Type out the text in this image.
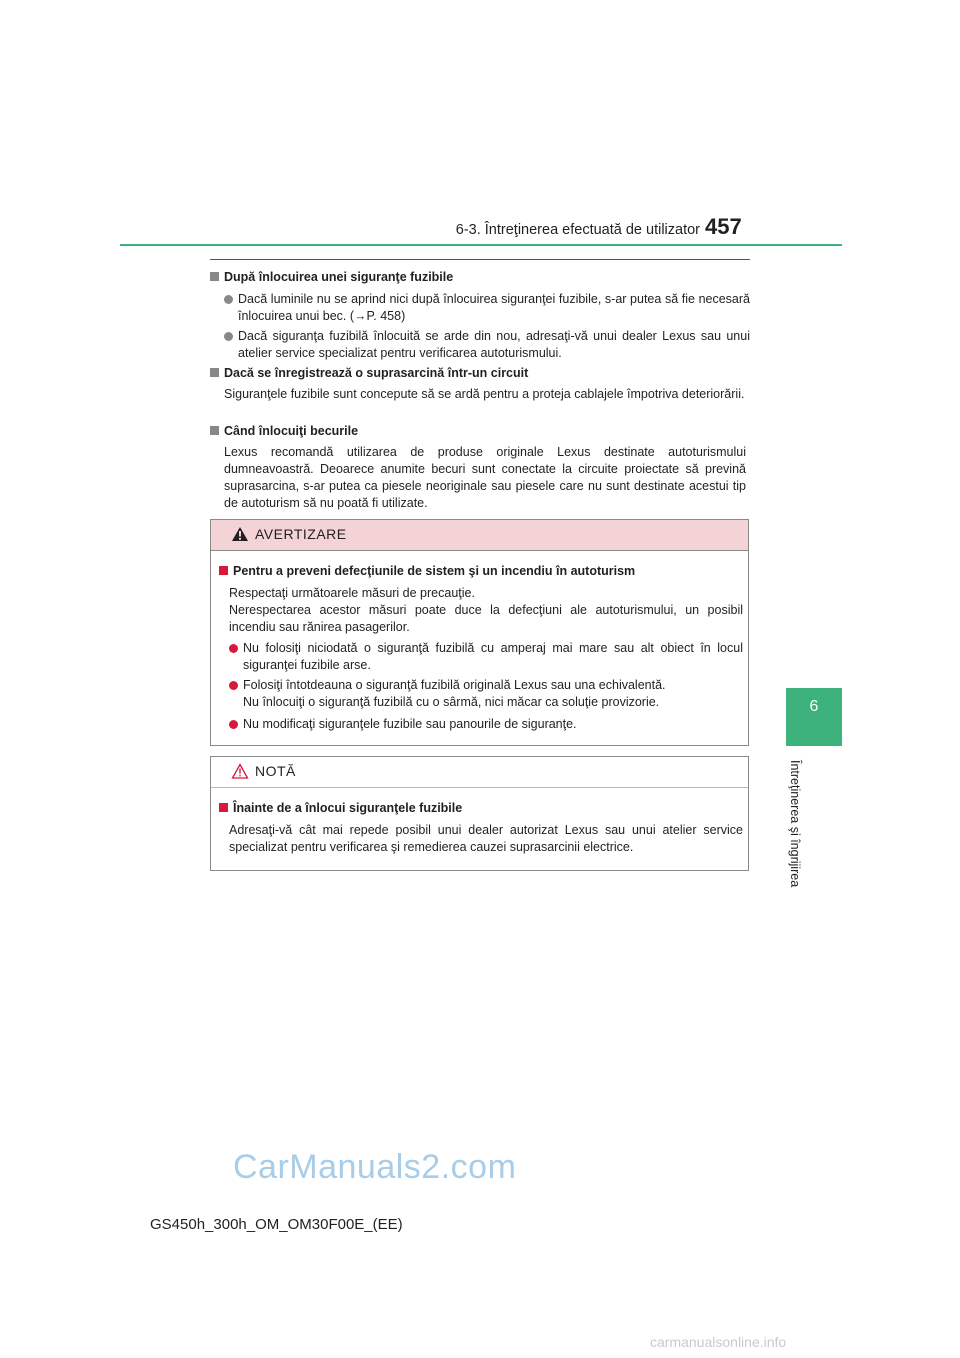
6-3. Întreţinerea efectuată de utilizator 457
6
Întreţinerea şi îngrijirea
După înlocuirea unei siguranţe fuzibile
Dacă luminile nu se aprind nici după înlocuirea siguranţei fuzibile, s-ar putea să fie necesară înlocuirea unui bec. (→P. 458)
Dacă siguranţa fuzibilă înlocuită se arde din nou, adresaţi-vă unui dealer Lexus sau unui atelier service specializat pentru verificarea autoturismului.
Dacă se înregistrează o suprasarcină într-un circuit
Siguranţele fuzibile sunt concepute să se ardă pentru a proteja cablajele împotriva deteriorării.
Când înlocuiţi becurile
Lexus recomandă utilizarea de produse originale Lexus destinate autoturismului dumneavoastră. Deoarece anumite becuri sunt conectate la circuite proiectate să prevină suprasarcina, s-ar putea ca piesele neoriginale sau piesele care nu sunt destinate acestui tip de autoturism să nu poată fi utilizate.
AVERTIZARE
Pentru a preveni defecţiunile de sistem şi un incendiu în autoturism
Respectaţi următoarele măsuri de precauţie.
Nerespectarea acestor măsuri poate duce la defecţiuni ale autoturismului, un posibil incendiu sau rănirea pasagerilor.
Nu folosiţi niciodată o siguranţă fuzibilă cu amperaj mai mare sau alt obiect în locul siguranţei fuzibile arse.
Folosiţi întotdeauna o siguranţă fuzibilă originală Lexus sau una echivalentă.
Nu înlocuiţi o siguranţă fuzibilă cu o sârmă, nici măcar ca soluţie provizorie.
Nu modificaţi siguranţele fuzibile sau panourile de siguranţe.
NOTĂ
Înainte de a înlocui siguranţele fuzibile
Adresaţi-vă cât mai repede posibil unui dealer autorizat Lexus sau unui atelier service specializat pentru verificarea şi remedierea cauzei suprasarcinii electrice.
CarManuals2.com
GS450h_300h_OM_OM30F00E_(EE)
carmanualsonline.info
